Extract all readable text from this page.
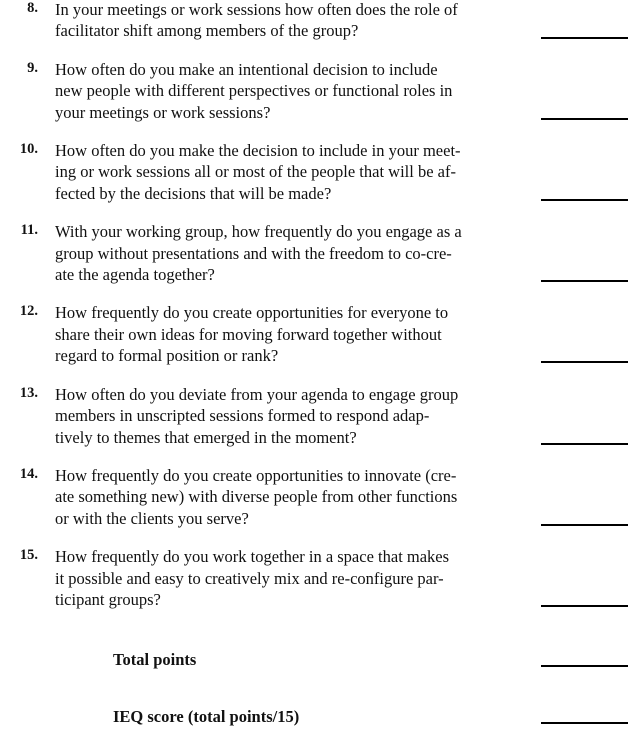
8.	In your meetings or work sessions how often does the role of
facilitator shift among members of the group?
9.	How often do you make an intentional decision to include
new people with different perspectives or functional roles in
your meetings or work sessions?
10.	How often do you make the decision to include in your meet-
ing or work sessions all or most of the people that will be af-
fected by the decisions that will be made?
11.	With your working group, how frequently do you engage as a
group without presentations and with the freedom to co-cre-
ate the agenda together?
12.	How frequently do you create opportunities for everyone to
share their own ideas for moving forward together without
regard to formal position or rank?
13.	How often do you deviate from your agenda to engage group
members in unscripted sessions formed to respond adap-
tively to themes that emerged in the moment?
14.	How frequently do you create opportunities to innovate (cre-
ate something new) with diverse people from other functions
or with the clients you serve?
15.	How frequently do you work together in a space that makes
it possible and easy to creatively mix and re-configure par-
ticipant groups?
Total points
IEQ score (total points/15)
